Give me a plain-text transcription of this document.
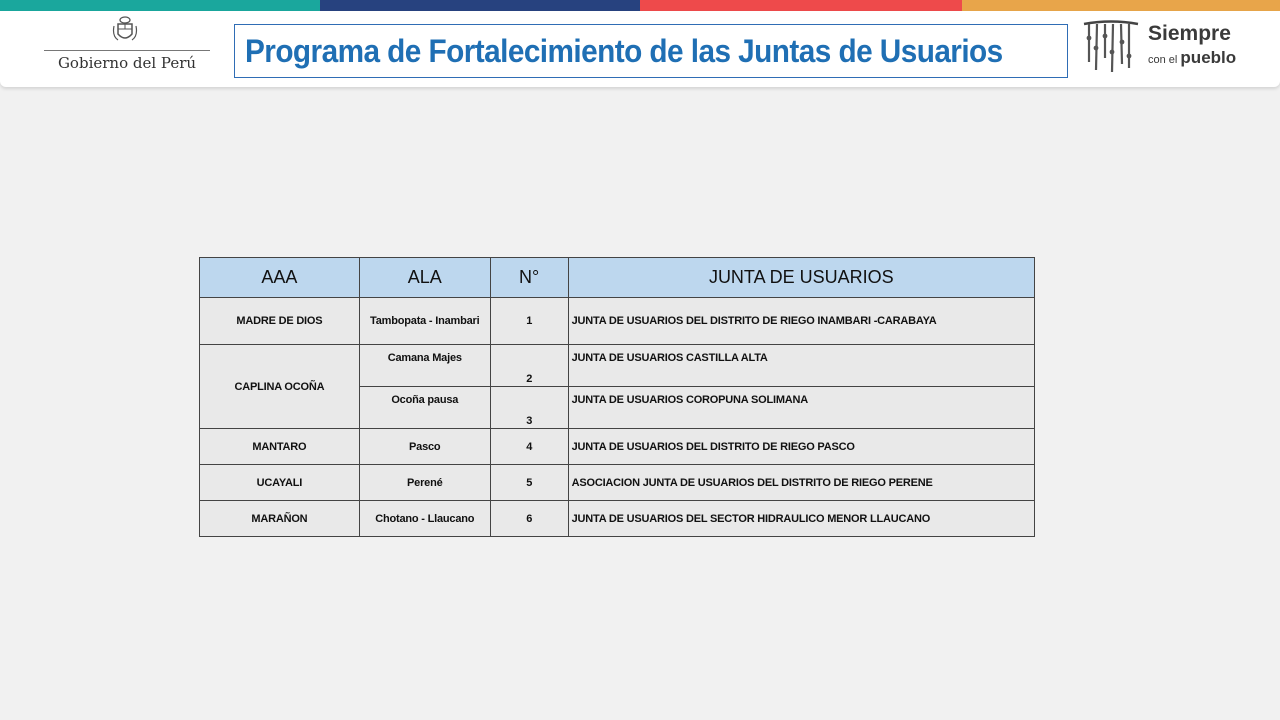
Gobierno del Perú	Programa de Fortalecimiento de las Juntas de Usuarios	Siempre
con el pueblo
AAA	ALA	N°	JUNTA DE USUARIOS
MADRE DE DIOS	Tambopata - Inambari	1	JUNTA DE USUARIOS DEL DISTRITO DE RIEGO INAMBARI -CARABAYA
CAPLINA OCOÑA	Camana Majes	2	JUNTA DE USUARIOS CASTILLA ALTA
	Ocoña pausa	3	JUNTA DE USUARIOS COROPUNA SOLIMANA
MANTARO	Pasco	4	JUNTA DE USUARIOS DEL DISTRITO DE RIEGO PASCO
UCAYALI	Perené	5	ASOCIACION JUNTA DE USUARIOS DEL DISTRITO DE RIEGO PERENE
MARAÑON	Chotano - Llaucano	6	JUNTA DE USUARIOS DEL SECTOR HIDRAULICO MENOR LLAUCANO
